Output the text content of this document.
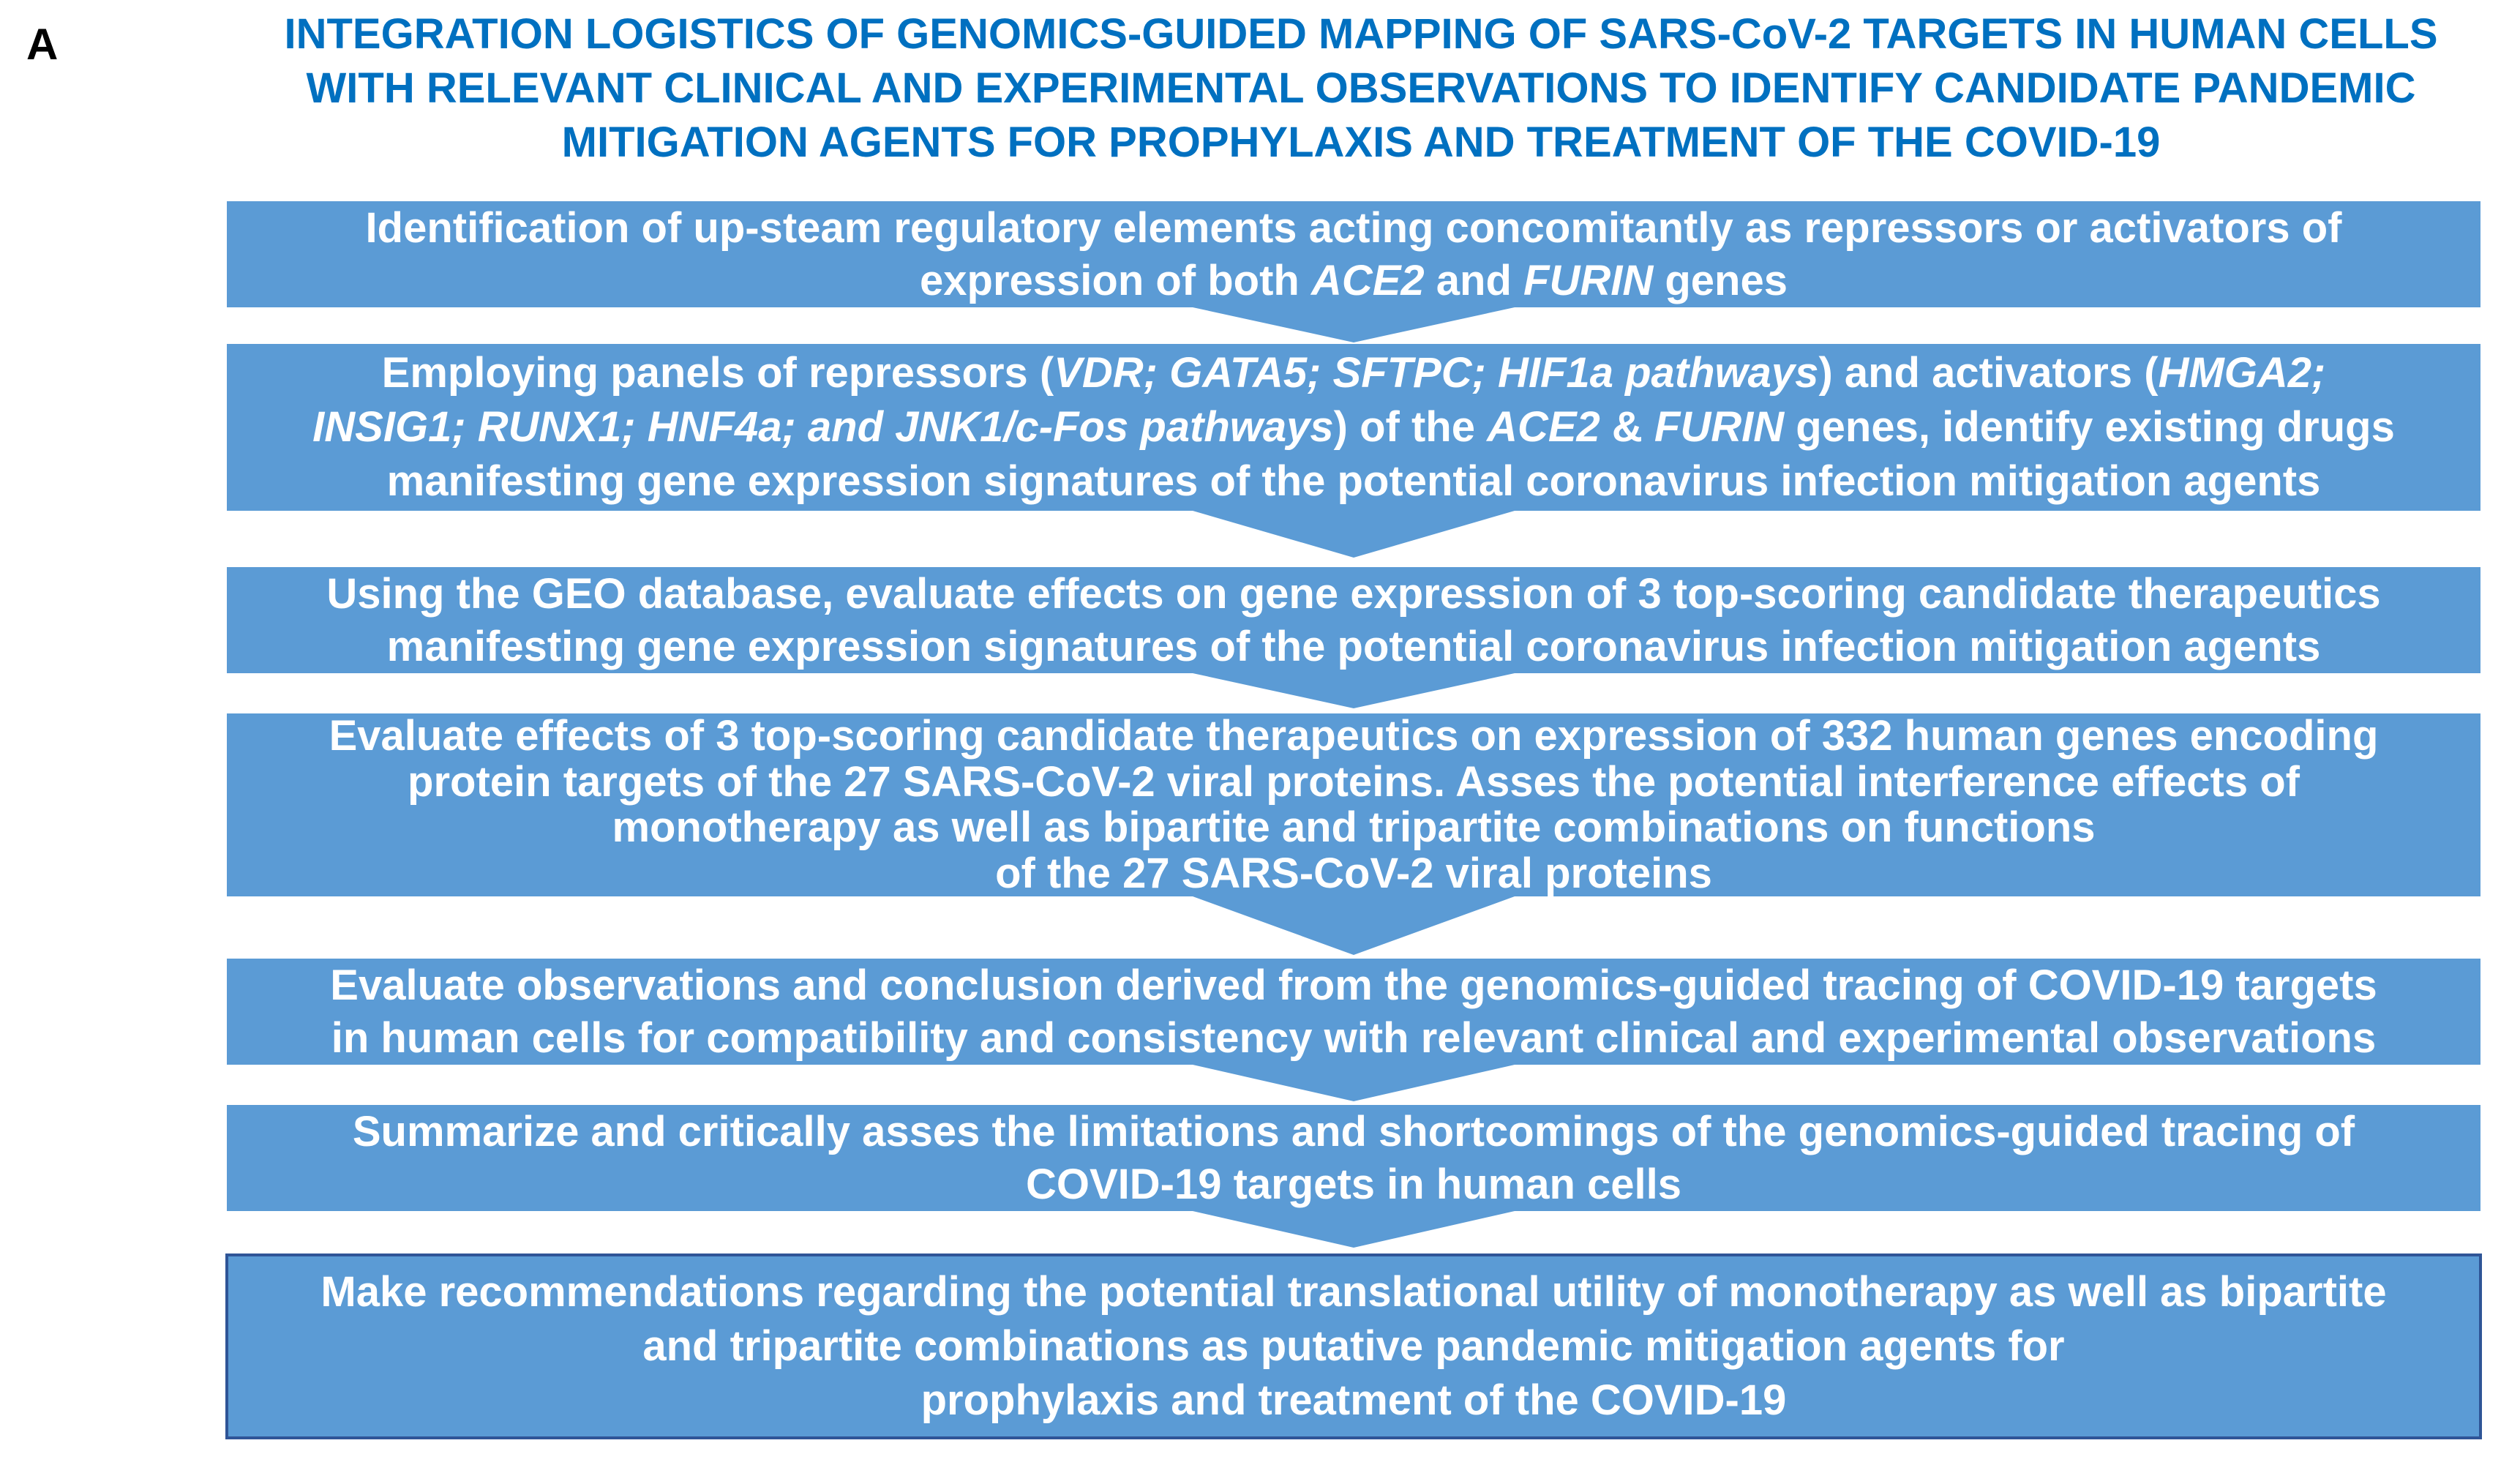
A	INTEGRATION LOGISTICS OF GENOMICS-GUIDED MAPPING OF SARS-CoV-2 TARGETS IN HUMAN CELLS
WITH RELEVANT CLINICAL AND EXPERIMENTAL OBSERVATIONS TO IDENTIFY CANDIDATE PANDEMIC
MITIGATION AGENTS FOR PROPHYLAXIS AND TREATMENT OF THE COVID-19
Identification of up-steam regulatory elements acting concomitantly as repressors or activators of
expression of both ACE2 and FURIN genes
Employing panels of repressors (VDR; GATA5; SFTPC; HIF1a pathways) and activators (HMGA2;
INSIG1; RUNX1; HNF4a; and JNK1/c-Fos pathways) of the ACE2 & FURIN genes, identify existing drugs
manifesting gene expression signatures of the potential coronavirus infection mitigation agents
Using the GEO database, evaluate effects on gene expression of 3 top-scoring candidate therapeutics
manifesting gene expression signatures of the potential coronavirus infection mitigation agents
Evaluate effects of 3 top-scoring candidate therapeutics on expression of 332 human genes encoding
protein targets of the 27 SARS-CoV-2 viral proteins. Asses the potential interference effects of
monotherapy as well as bipartite and tripartite combinations on functions
of the 27 SARS-CoV-2 viral proteins
Evaluate observations and conclusion derived from the genomics-guided tracing of COVID-19 targets
in human cells for compatibility and consistency with relevant clinical and experimental observations
Summarize and critically asses the limitations and shortcomings of the genomics-guided tracing of
COVID-19 targets in human cells
Make recommendations regarding the potential translational utility of monotherapy as well as bipartite
and tripartite combinations as putative pandemic mitigation agents for
prophylaxis and treatment of the COVID-19
